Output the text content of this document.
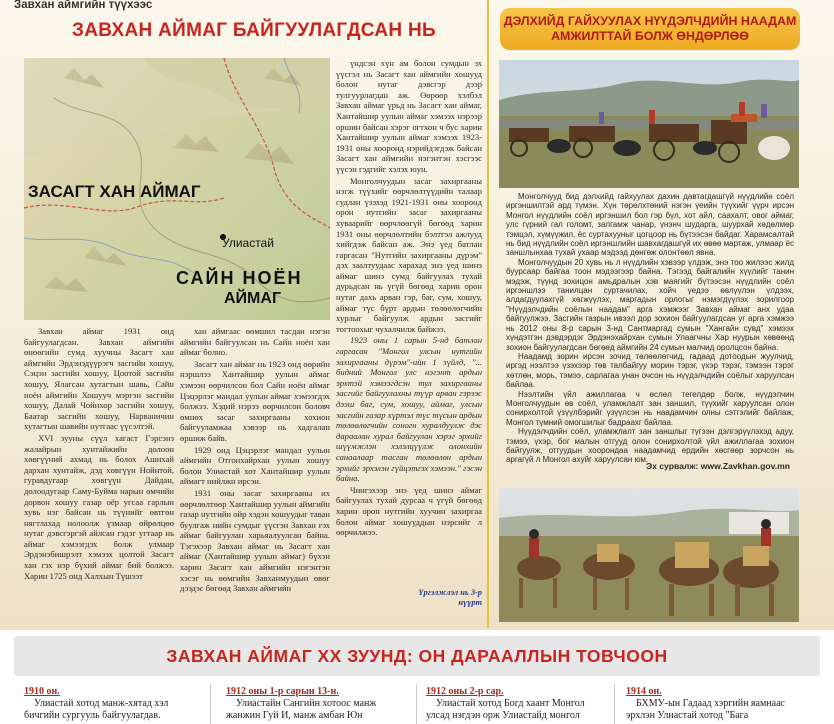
Завхан аймгийн түүхээс
ЗАВХАН АЙМАГ БАЙГУУЛАГДСАН НЬ
ЗАСАГТ ХАН АЙМАГ
Улиастай
САЙН НОЁН
АЙМАГ

Завхан аймаг 1931 онд байгуулагдсан. Завхан аймгийн өнөөгийн сумд хуучны Засагт хан аймгийн Эрдэнэдүүрэгч засгийн хошуу, Сэцэн засгийн хошуу, Цоотой засгийн хошуу, Ялагсан хутагтын шавь, Сайн ноён аймгийн Хошууч мэргэн засгийн хошуу, Далай Чойнхор засгийн хошуу, Баатар засгийн хошуу, Нарваничин хутагтын шавийн нутгаас үүсэлтэй.

XVI зууны сүүл хагаст Гэрсэнз жалайрын хунтайжийн долоон хөвгүүний ахмад нь болох Ашихай дархан хунтайж, дэд хөвгүүн Нойнтой, гуравдугаар хөвгүүн Дайдан, долоодугаар Саму-Буйма нарын өмчийн дорвон хошуу газар оёр угсаа гарлын хувь нэг байсан нь түүнийг өвтгөн нягтлахад нолоолж үзмаар өйрөлцөө нутаг дэвсгэргэй айлсан гэдэг угтаар нь аймаг хэмээгдэх болж улмаар Эрдэнэбишрэлт хэмээх цолтой Засагт хан гэх нэр бүхий аймаг бий болжээ. Харин 1725 онд Халхын Түшээт

хан аймгаас өөмшил тасдан нэгэн аймгийн байгуулсан нь Сайн ноён хан аймаг болно.

Засагт хан аймаг нь 1923 онд өөрийн нэршлээ Хантайшир уулын аймаг хэмээн өөрчилсон бол Сайн ноён аймаг Цэцэрлэг мандал уулын аймаг хэмээгдэх болжээ. Хэдий нэрээ өөрчилсон боловч өмнөх засаг захиргааны хохион байгууламжаа хэвээр нь хадгалан өршиж байв.

1929 онд Цэцэрлэг мандал уулын аймгийн Отгонхайрхан уулын хошуу болон Улиастай хот Хантайшир уулын аймагт нийлжн ирсэн.

1931 оны засаг захиргааны их өөрчлөлтөөр Хантайшир уулын аймгийн газар нутгийн ойр хэдэн хошуудыг таван буулгаж нийн сумдыг үүсгэн Завхан гэх аймаг байгуулан харьяалуулсан байна. Тэгэхээр Завхан аймаг нь Засагт хан аймаг (Хантайшир уулын аймаг) бүхэн харин Засагт хан аймгийн нэгэнтэн хэсэг нь өөмгийн Завханмуудын өвөг дээдэс бөгөөд Завхан аймгийн

үндсэн хүн ам болон сумдын эх үүсгэл нь Засагт хан аймгийн хошууд болон нутаг дэвсгэр дээр тулгуурлагдан аж. Өөрөөр хэлбэл Завхан аймаг үрьд нь Засагт хан аймаг, Хантайшир уулын аймаг хэмээх нэрээр оршин байсан хэрэг огтхон ч бус харин Хантайшир уулын аймаг хэмээх 1923-1931 оны хооронд нэрийдэгдэж байсан Засагт хан аймгийн нэгэнтэн хэсгээс үүсэн гэдгийг хэлэх юун.

Монголчуудын засаг захиргааны нэгж түүхийг өөрчлөлтүүдийн талаар судлан үзэхэд 1921-1931 оны хооронд орон нутгийн засаг захиргааны хуваарийг өөрчлөөгүй бөгөөд харин 1931 оны өөрчлөлтийн бэлтгэл ажлууд хийгдэж байсан аж. Энэ үед батлан гаргасан "Нутгийн захиргааны дүрэм" дэх заалтуудаас харахад энэ үед шинэ аймаг шинэ сумд байгуулах тухай дурьдсан нь үгүй бөгөөд харин орон нутаг дахь арван гэр, баг, сум, хошуу, аймаг түс бүрт ардын төлөөлөгчийн хурлыг байгуулж ардын засгийг тогтоохыг чухалчилж байжээ.

1923 оны 1 сарын 5-нд батлан гаргасан "Монгол улсын нутгийн захиргааны дүрэм"-ийн 1 зүйлд, "... бидний Монгол улс нэгэнт ардын эрхтэй хэмээгдсэн тул захиргааны засгийг байгуулахны түүр арван гэрээс дээш баг, сум, хошуу, аймаг, улсын засгийн газар хүртэл түс түсын ардын төлөөлөгчийн соногн хуралдуулж дэс дараалан хурал байгуулан хэрэг эрхийг шүүмжлэн хэлэлцүүлж олонхийн санаалаар тасган төлөөлөн ардын эрхийг эрхэлэн гүйцэтгэх хэмээн." гэсэн байна.

Чингэхээр энэ үед шинэ аймаг байгуулах тухай дурсаа ч үгүй бөгөөд харин орон нутгийн хуучин захиргаа болон аймаг хошууддын нэрсийг л өөрчилжээ.

Үргэлжлэл нь 3-р нүүрт
ДЭЛХИЙД ГАЙХУУЛАХ НҮҮДЭЛЧДИЙН НААДАМ АМЖИЛТТАЙ БОЛЖ ӨНДӨРЛӨӨ

Монголчууд бид дэлхийд гайхуулах дахин давтагдашгүй нүүдлийн соёл иргэншилтэй ард түмэн. Хүн төрөлхтөний нэгэн үеийн түүхийг үүрч ирсэн Монгол нүүдлийн соёл иргэншил бол гэр бүл, хот айл, саахалт, овог аймаг, улс гүрний гал голомт, залгамж чанар, үнэнч шударга, шуурхай хөдөлмөр тэмцэл, хүмүүжил, ёс суртахууныг цогцоор нь бүтээсэн байдаг. Харамсалтай нь бид нүүдлийн соёл иргэншлийн шавхагдашгүй их өвөө мартаж, улмаар ёс заншлынхаа тухай ухаар мэдээд дөнгөж олонтөөл явна.

Монголчуудын 20 хувь нь л нүүдлийн хэвээр үлдэж, энэ тоо жилээс жилд буурсаар байгаа тоон мэдээгээр байна. Тэгээд байгалийн хүүлийг танин мэдэж, түүнд зохицон амьдралын хэв маягийг бүтээсэн нүүдлийн соёл иргэншлээ танилцан суртачилах, хойч үедээ өвлүүлэн үлдээх, алдагдуулахгүй хөгжүүлэх, маргадын орлогыг нэмэгдүүлэх зорилгоор "Нүүдэлчдийн соёлын наадам" арга хэмжээг Завхан аймаг анх удаа байгуулжээ. Засгийн газрын ивээл дор зохион байгуулагдсан уг арга хэмжээ нь 2012 оны 8-р сарын 3-нд Сантмаргад сумын "Хангайн сувд" хэмээх хүндэтгэн дэвдэрдэг Эрдэнэхайрхан сумын Улаагчны Хар нуурын хөвөөнд зохион байгуулагдсан бөгөөд аймгийн 24 сумын малчид оролцсон байна.

Наадамд зорин ирсэн зочид төлөөлөгчид, гадаад дотоодын жуулчид, иргэд нээлтээ үзэхээр төв талбайгуу морин тэрэг, үхэр тэрэг, тэмээн тэрэг хөтлөн, морь, тэмээ, сарлагаа унан очсон нь нүүдэлчдийн соёлыг харуулсан байлаа.

Нээлтийн үйл ажиллагаа ч өслөл тегелдөр болж, нүүдэлчин Монголчуудын өв соёл, уламжлалт зан заншил, түүхийг харуулсан олон сонирхолтой үзүүлбэрийг үзүүлсэн нь наадамчин олны сэтгэлийг байлаж, Монгол түмний омогшилыг бадраахг байлаа.

Нүүдэлчдийн соёл, уламжлалт зан заншлыг түгээн дэлгэрүүлэхэд адуу, тэмээ, үхэр, бог малын отгууд олон сонирхолтой үйл ажиллагаа зохион байгуулж, отгуудын хоорондаа наадамчид ердийн хөсгөөр зорчсон нь аргагүй л Монгол ахуйг харуулсан юм.

Эх сурвалж: www.Zavkhan.gov.mn
ЗАВХАН АЙМАГ XX ЗУУНД: ОН ДАРААЛЛЫН ТОВЧООН
1910 он.
Улиастай хотод манж-хятад хэл бичгийн сургууль байгуулагдав.
1912 оны 1-р сарын 13-н.
Улиастайн Сангийн хотоос манж жанжин Гуй И, манж амбан Юн
1912 оны 2-р сар.
Улиастай хотод Богд хаант Монгол улсад нэгдэн орж Улиастайд монгол
1914 он.
БХМУ-ын Гадаад хэргийн яамнаас эрхлэн Улиастай хотод "Бага
